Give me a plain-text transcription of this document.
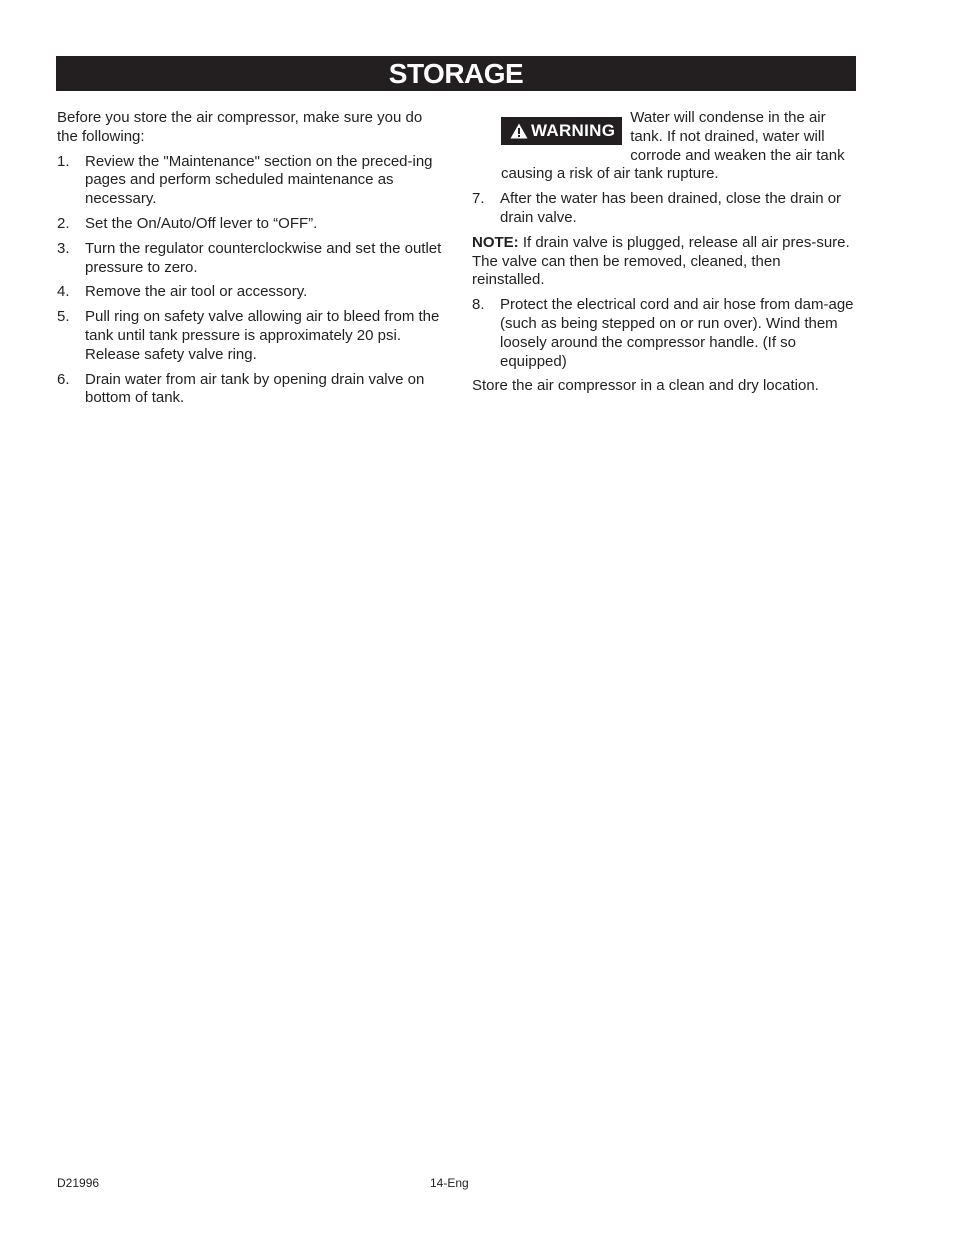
STORAGE

Before you store the air compressor, make sure you do the following:

1.	Review the "Maintenance" section on the preced-ing pages and perform scheduled maintenance as necessary.
2.	Set the On/Auto/Off lever to “OFF”.
3.	Turn the regulator counterclockwise and set the outlet pressure to zero.
4.	Remove the air tool or accessory.
5.	Pull ring on safety valve allowing air to bleed from the tank until tank pressure is approximately 20 psi. Release safety valve ring.
6.	Drain water from air tank by opening drain valve on bottom of tank.
WARNING
Water will condense in the air tank. If not drained, water will corrode and weaken the air tank causing a risk of air tank rupture.
7.	After the water has been drained, close the drain or drain valve.

NOTE: If drain valve is plugged, release all air pres-sure. The valve can then be removed, cleaned, then reinstalled.

8.	Protect the electrical cord and air hose from dam-age (such as being stepped on or run over). Wind them loosely around the compressor handle. (If so equipped)

Store the air compressor in a clean and dry location.

D21996	14-Eng
